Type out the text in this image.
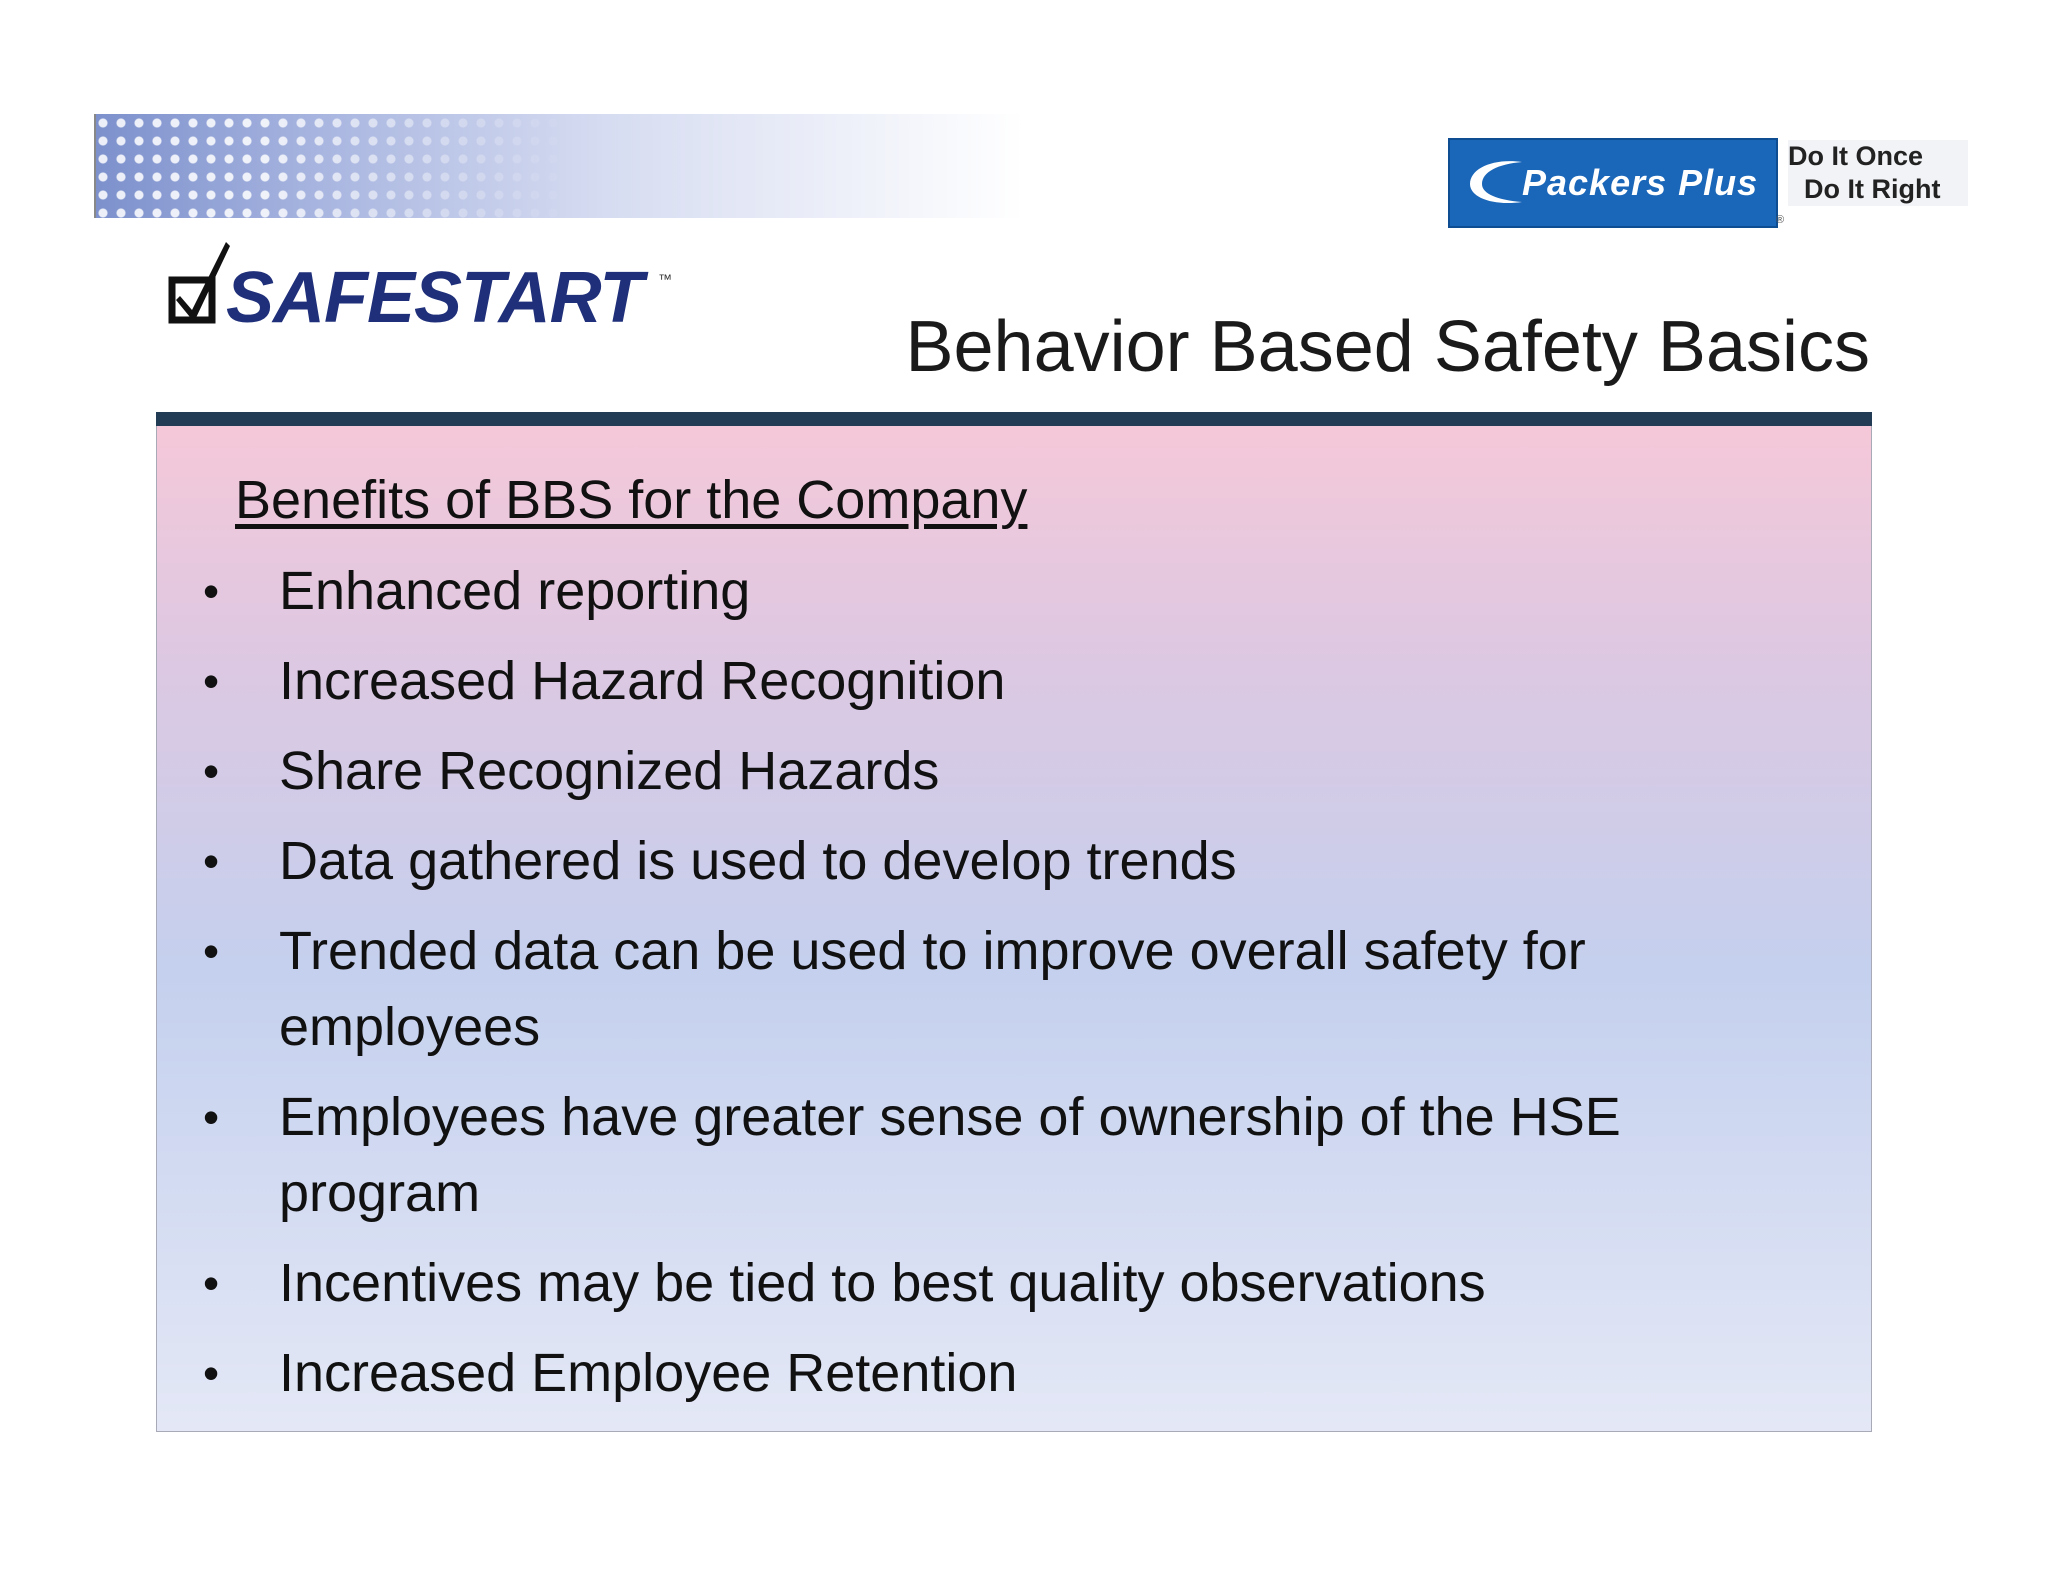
SAFESTART	™
Packers Plus
®
Do It Once
Do It Right
Behavior Based Safety Basics
Benefits of BBS for the Company
•	Enhanced reporting
•	Increased Hazard Recognition
•	Share Recognized Hazards
•	Data gathered is used to develop trends
•	Trended data can be used to improve overall safety for employees
•	Employees have greater sense of ownership of the HSE program
•	Incentives may be tied to best quality observations
•	Increased Employee Retention
